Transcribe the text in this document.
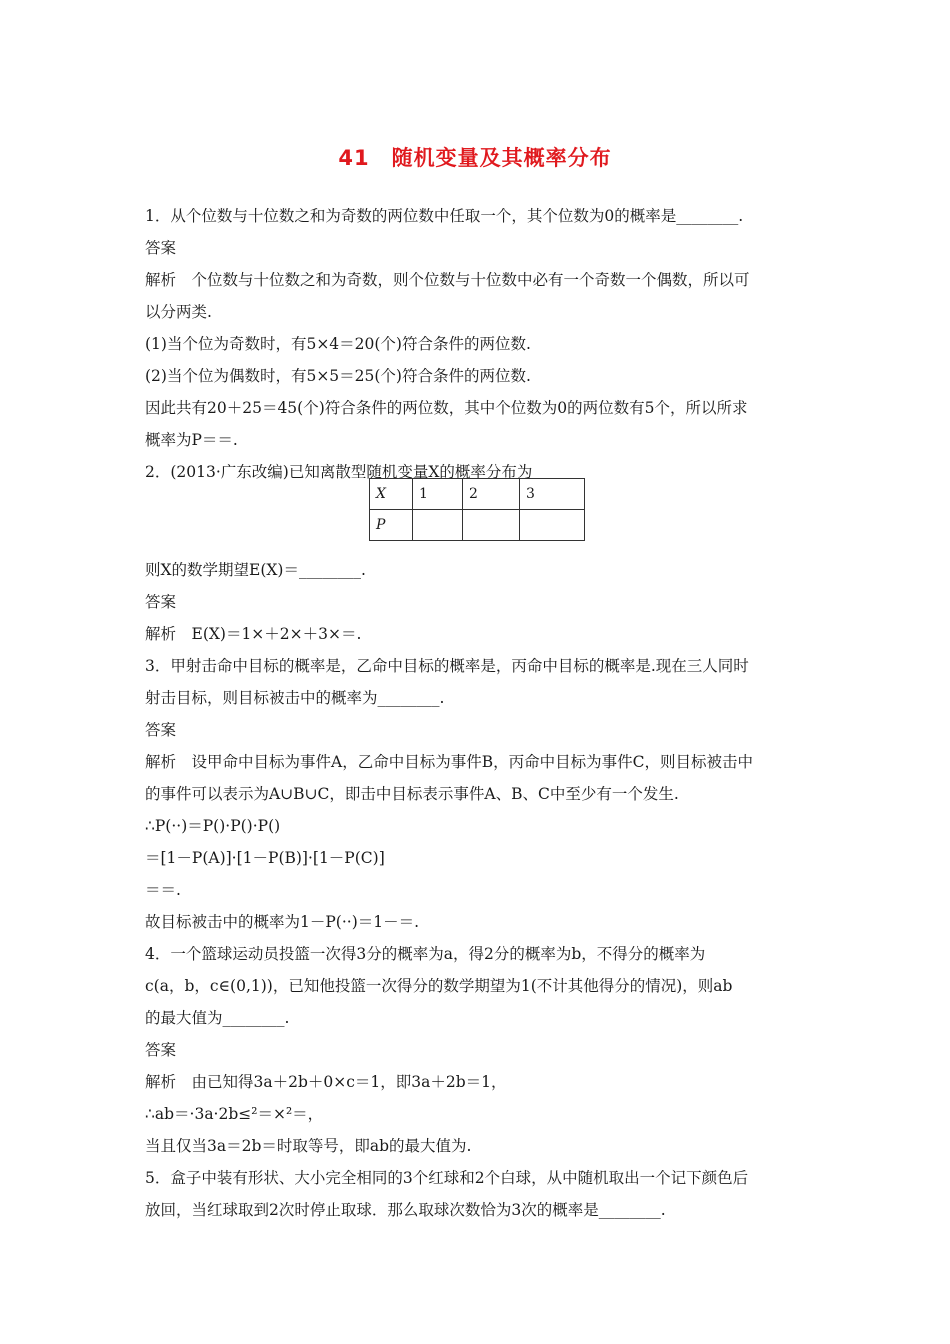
41　随机变量及其概率分布
1．从个位数与十位数之和为奇数的两位数中任取一个，其个位数为0的概率是________.
答案
解析　个位数与十位数之和为奇数，则个位数与十位数中必有一个奇数一个偶数，所以可
以分两类.
(1)当个位为奇数时，有5×4＝20(个)符合条件的两位数.
(2)当个位为偶数时，有5×5＝25(个)符合条件的两位数.
因此共有20＋25＝45(个)符合条件的两位数，其中个位数为0的两位数有5个，所以所求
概率为P＝＝.
2．(2013·广东改编)已知离散型随机变量X的概率分布为
则X的数学期望E(X)＝________.
答案
解析　E(X)＝1×＋2×＋3×＝.
3．甲射击命中目标的概率是，乙命中目标的概率是，丙命中目标的概率是.现在三人同时
射击目标，则目标被击中的概率为________.
答案
解析　设甲命中目标为事件A，乙命中目标为事件B，丙命中目标为事件C，则目标被击中
的事件可以表示为A∪B∪C，即击中目标表示事件A、B、C中至少有一个发生.
∴P(··)＝P()·P()·P()
＝[1－P(A)]·[1－P(B)]·[1－P(C)]
＝＝.
故目标被击中的概率为1－P(··)＝1－＝.
4．一个篮球运动员投篮一次得3分的概率为a，得2分的概率为b，不得分的概率为
c(a，b，c∈(0,1))，已知他投篮一次得分的数学期望为1(不计其他得分的情况)，则ab
的最大值为________.
答案
解析　由已知得3a＋2b＋0×c＝1，即3a＋2b＝1，
∴ab＝·3a·2b≤²＝×²＝，
当且仅当3a＝2b＝时取等号，即ab的最大值为.
5．盒子中装有形状、大小完全相同的3个红球和2个白球，从中随机取出一个记下颜色后
放回，当红球取到2次时停止取球．那么取球次数恰为3次的概率是________.
X	1	2	3
P			
